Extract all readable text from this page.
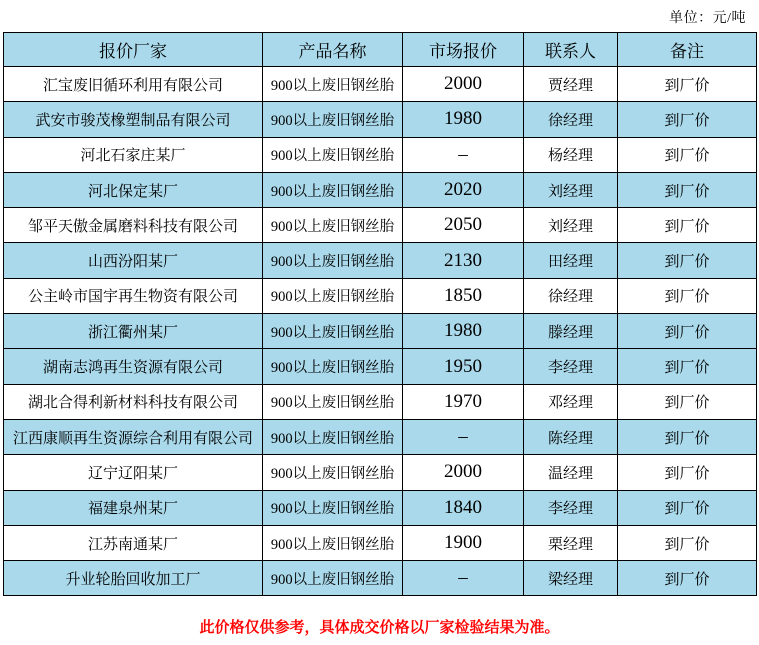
单位：元/吨
报价厂家	产品名称	市场报价	联系人	备注
汇宝废旧循环利用有限公司	900以上废旧钢丝胎	2000	贾经理	到厂价
武安市骏茂橡塑制品有限公司	900以上废旧钢丝胎	1980	徐经理	到厂价
河北石家庄某厂	900以上废旧钢丝胎	–	杨经理	到厂价
河北保定某厂	900以上废旧钢丝胎	2020	刘经理	到厂价
邹平天傲金属磨料科技有限公司	900以上废旧钢丝胎	2050	刘经理	到厂价
山西汾阳某厂	900以上废旧钢丝胎	2130	田经理	到厂价
公主岭市国宇再生物资有限公司	900以上废旧钢丝胎	1850	徐经理	到厂价
浙江衢州某厂	900以上废旧钢丝胎	1980	滕经理	到厂价
湖南志鸿再生资源有限公司	900以上废旧钢丝胎	1950	李经理	到厂价
湖北合得利新材料科技有限公司	900以上废旧钢丝胎	1970	邓经理	到厂价
江西康顺再生资源综合利用有限公司	900以上废旧钢丝胎	–	陈经理	到厂价
辽宁辽阳某厂	900以上废旧钢丝胎	2000	温经理	到厂价
福建泉州某厂	900以上废旧钢丝胎	1840	李经理	到厂价
江苏南通某厂	900以上废旧钢丝胎	1900	栗经理	到厂价
升业轮胎回收加工厂	900以上废旧钢丝胎	–	梁经理	到厂价
此价格仅供参考，具体成交价格以厂家检验结果为准。
